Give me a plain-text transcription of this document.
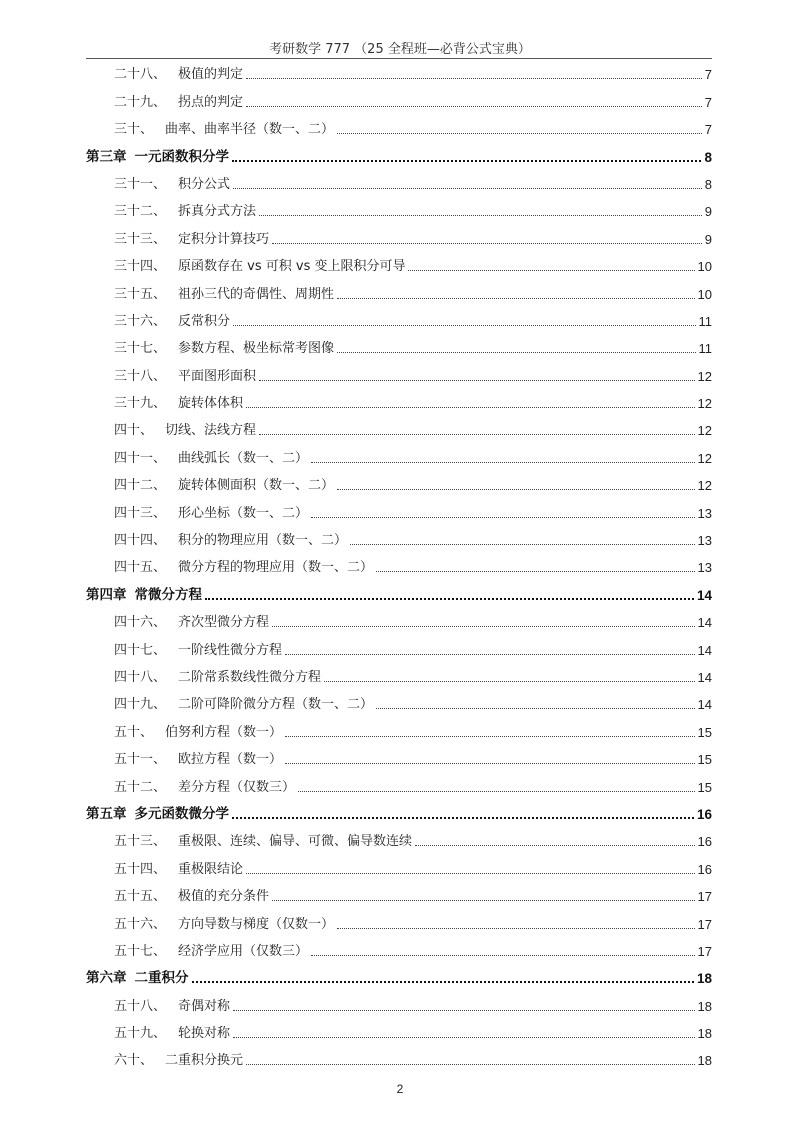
考研数学 777 （25 全程班—必背公式宝典）
二十八、 极值的判定	7
二十九、 拐点的判定	7
三十、 曲率、曲率半径（数一、二）	7
第三章 一元函数积分学	8
三十一、 积分公式	8
三十二、 拆真分式方法	9
三十三、 定积分计算技巧	9
三十四、 原函数存在 vs 可积 vs 变上限积分可导	10
三十五、 祖孙三代的奇偶性、周期性	10
三十六、 反常积分	11
三十七、 参数方程、极坐标常考图像	11
三十八、 平面图形面积	12
三十九、 旋转体体积	12
四十、 切线、法线方程	12
四十一、 曲线弧长（数一、二）	12
四十二、 旋转体侧面积（数一、二）	12
四十三、 形心坐标（数一、二）	13
四十四、 积分的物理应用（数一、二）	13
四十五、 微分方程的物理应用（数一、二）	13
第四章 常微分方程	14
四十六、 齐次型微分方程	14
四十七、 一阶线性微分方程	14
四十八、 二阶常系数线性微分方程	14
四十九、 二阶可降阶微分方程（数一、二）	14
五十、 伯努利方程（数一）	15
五十一、 欧拉方程（数一）	15
五十二、 差分方程（仅数三）	15
第五章 多元函数微分学	16
五十三、 重极限、连续、偏导、可微、偏导数连续	16
五十四、 重极限结论	16
五十五、 极值的充分条件	17
五十六、 方向导数与梯度（仅数一）	17
五十七、 经济学应用（仅数三）	17
第六章 二重积分	18
五十八、 奇偶对称	18
五十九、 轮换对称	18
六十、 二重积分换元	18
2
